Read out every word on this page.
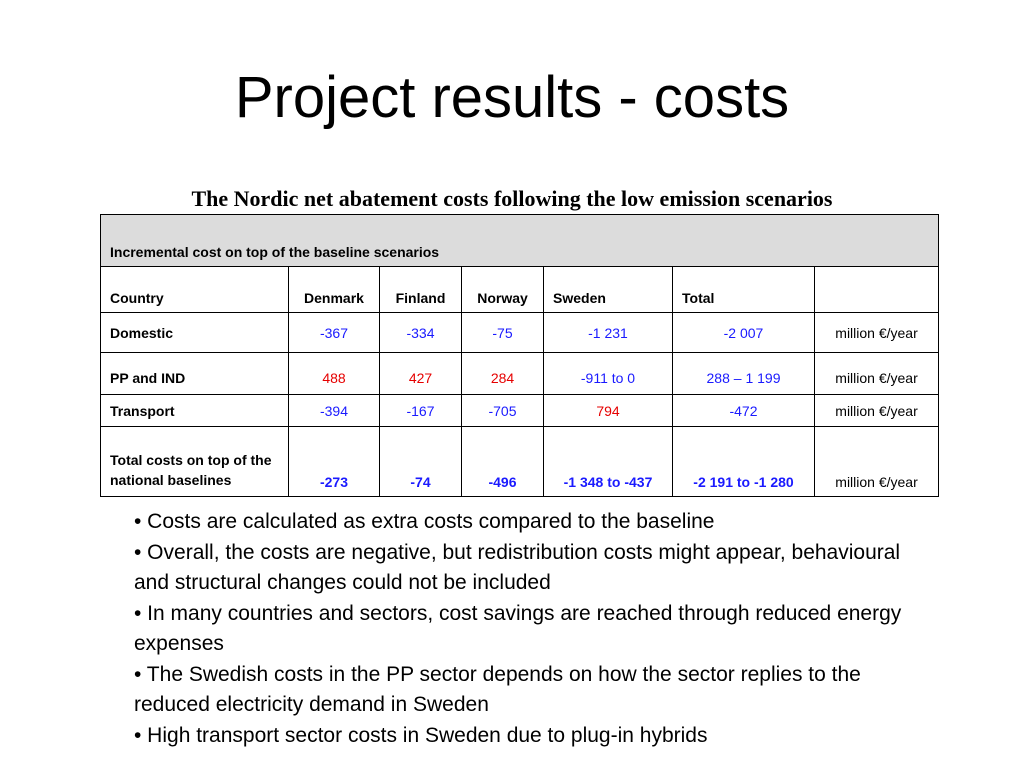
Project results - costs
The Nordic net abatement costs following the low emission scenarios
Incremental cost on top of the baseline scenarios						
Country	Denmark	Finland	Norway	Sweden	Total	
Domestic	-367	-334	-75	-1 231	-2 007	million €/year
PP and IND	488	427	284	-911 to 0	288 – 1 199	million €/year
Transport	-394	-167	-705	794	-472	million €/year
Total costs on top of the national baselines	-273	-74	-496	-1 348 to -437	-2 191 to -1 280	million €/year
• Costs are calculated as extra costs compared to the baseline
• Overall, the costs are negative, but redistribution costs might appear, behavioural and structural changes could not be included
• In many countries and sectors, cost savings are reached through reduced energy expenses
• The Swedish costs in the PP sector depends on how the sector replies to the reduced electricity demand in Sweden
• High transport sector costs in Sweden due to plug-in hybrids
